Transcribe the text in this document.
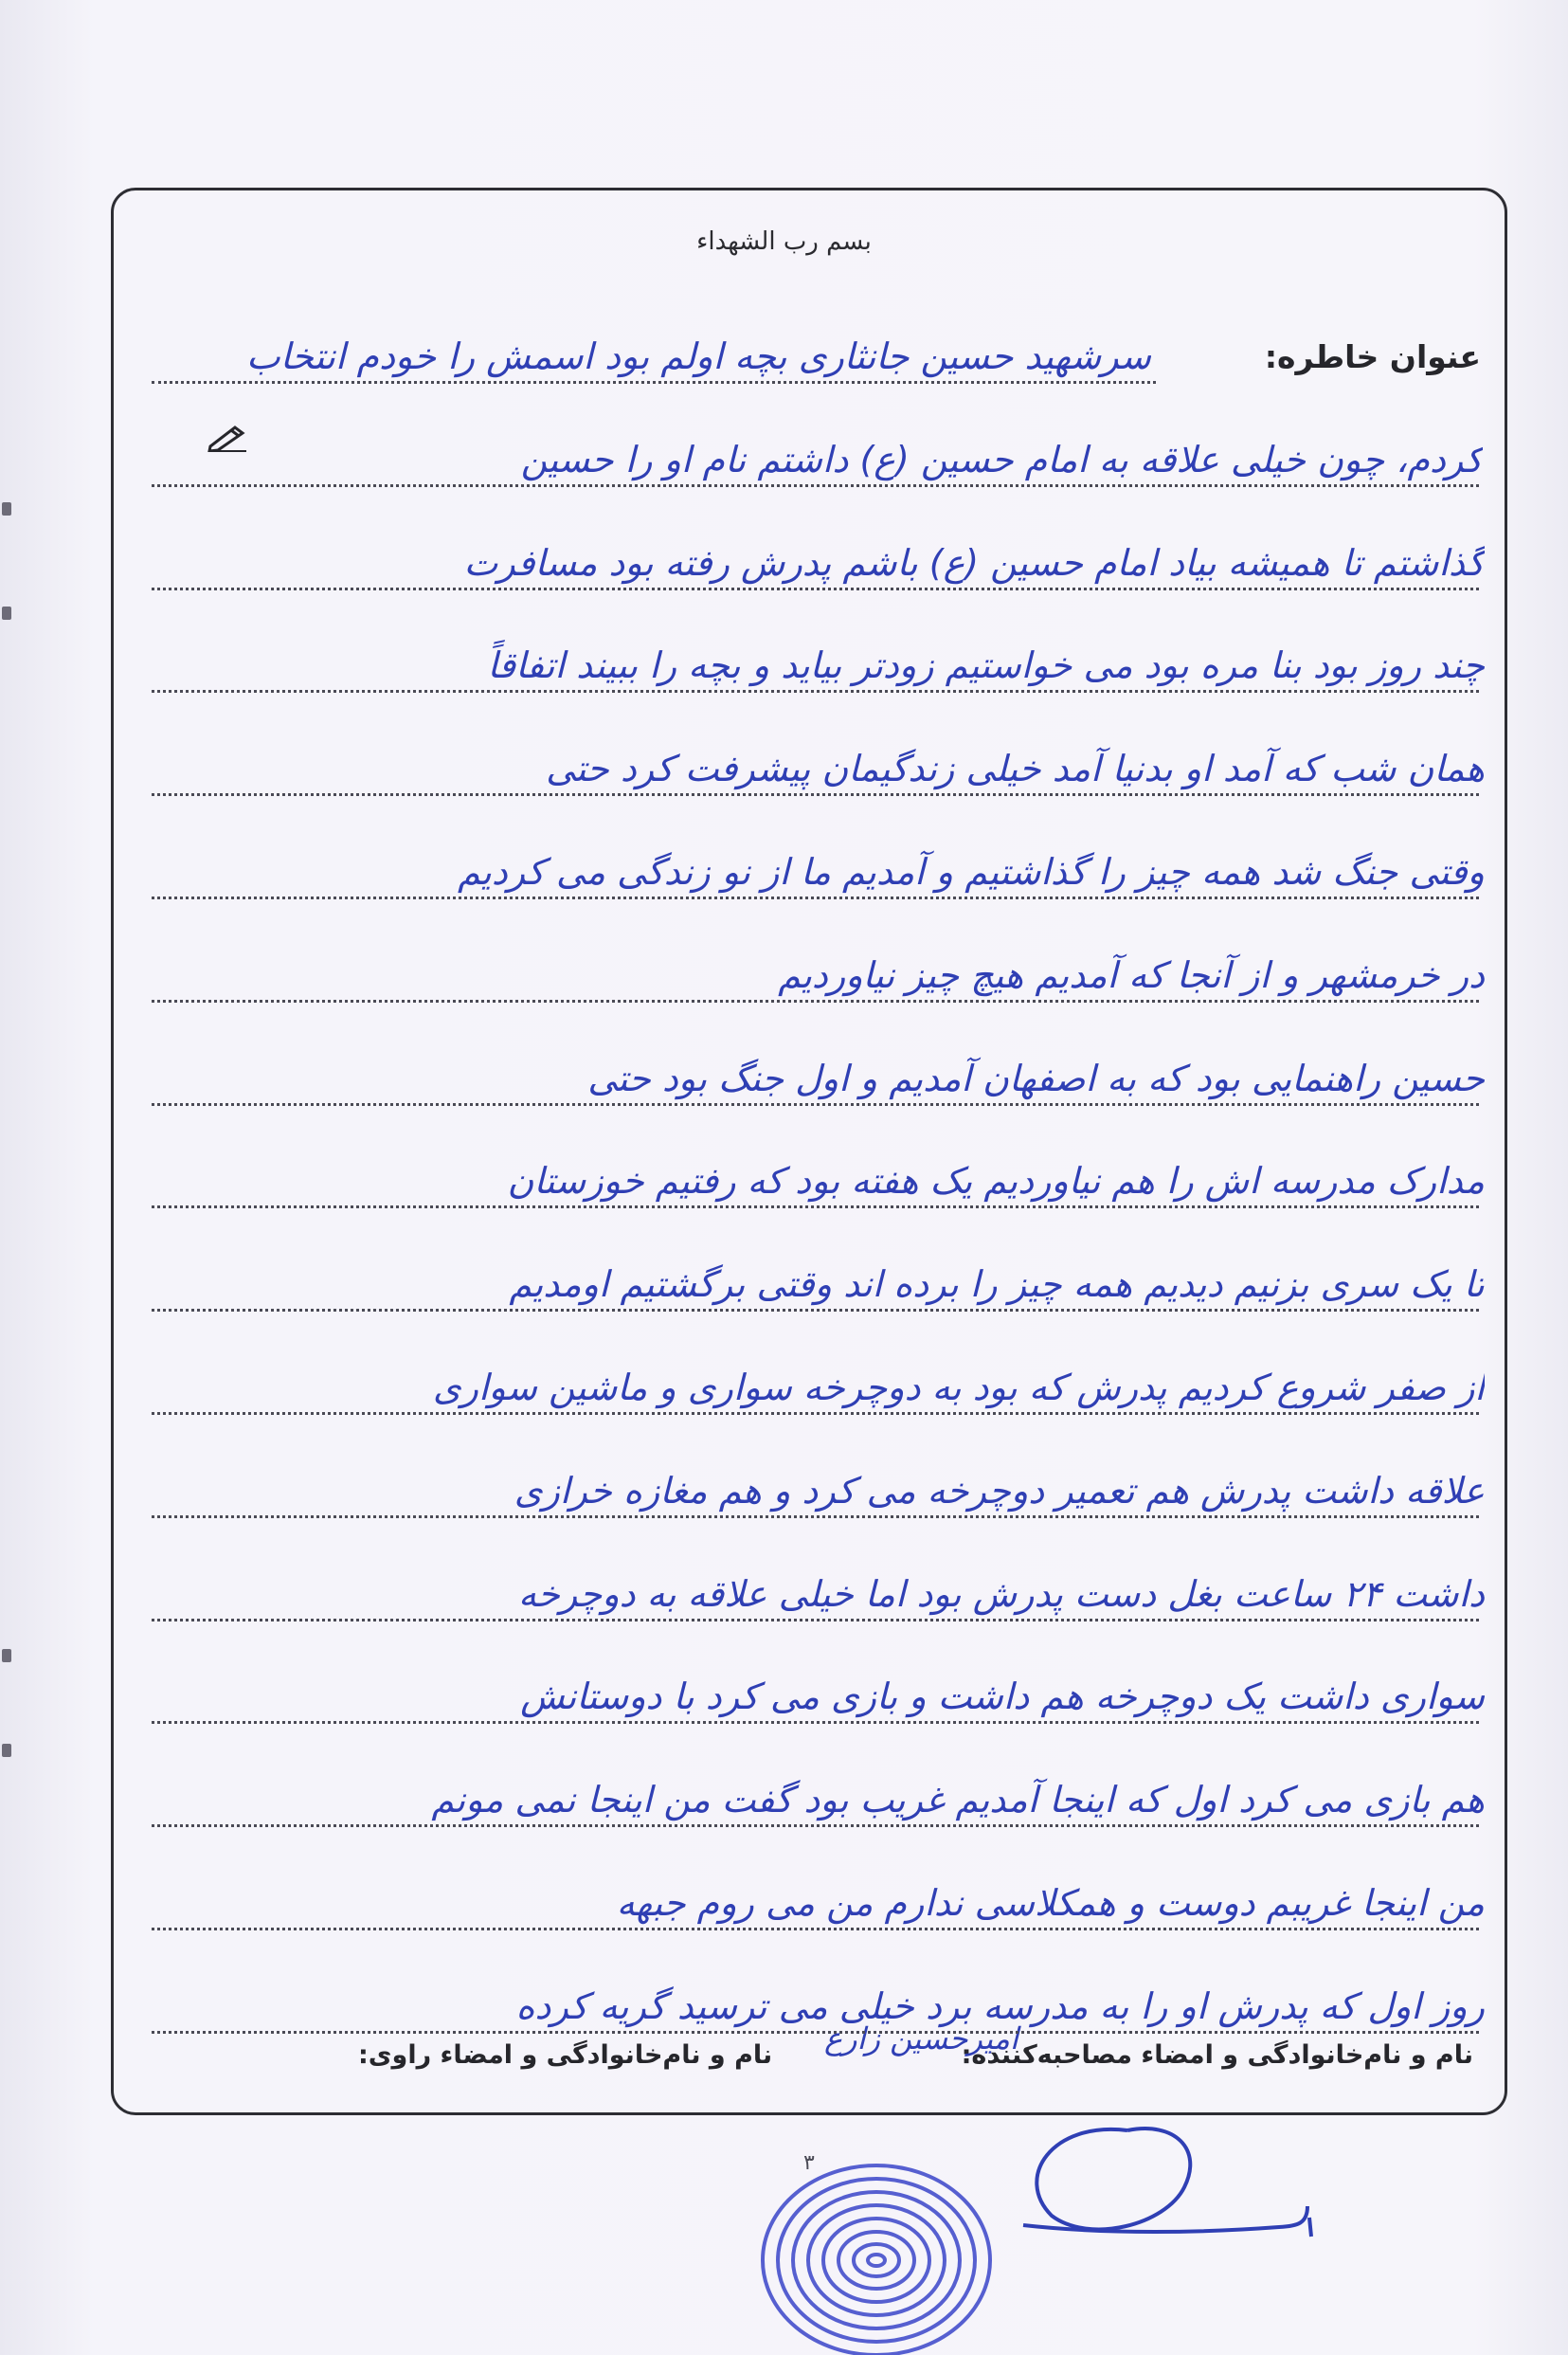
بسم رب الشهداء
عنوان خاطره:
سرشهید حسین جانثاری بچه اولم بود اسمش را خودم انتخاب
کردم، چون خیلی علاقه به امام حسین (ع) داشتم نام او را حسین
گذاشتم تا همیشه بیاد امام حسین (ع) باشم پدرش رفته بود مسافرت
چند روز بود بنا مره بود می خواستیم زودتر بیاید و بچه را ببیند اتفاقاً
همان شب که آمد او بدنیا آمد خیلی زندگیمان پیشرفت کرد حتی
وقتی جنگ شد همه چیز را گذاشتیم و آمدیم ما از نو زندگی می کردیم
در خرمشهر و از آنجا که آمدیم هیچ چیز نیاوردیم
حسین راهنمایی بود که به اصفهان آمدیم و اول جنگ بود حتی
مدارک مدرسه اش را هم نیاوردیم یک هفته بود که رفتیم خوزستان
تا یک سری بزنیم دیدیم همه چیز را برده اند وقتی برگشتیم اومدیم
از صفر شروع کردیم پدرش که بود به دوچرخه سواری و ماشین سواری
علاقه داشت پدرش هم تعمیر دوچرخه می کرد و هم مغازه خرازی
داشت ۲۴ ساعت بغل دست پدرش بود اما خیلی علاقه به دوچرخه
سواری داشت یک دوچرخه هم داشت و بازی می کرد با دوستانش
هم بازی می کرد اول که اینجا آمدیم غریب بود گفت من اینجا نمی مونم
من اینجا غریبم دوست و همکلاسی ندارم من می روم جبهه
روز اول که پدرش او را به مدرسه برد خیلی می ترسید گریه کرده
نام و نام‌خانوادگی و امضاء مصاحبه‌کننده:
امیرحسین زارع
نام و نام‌خانوادگی و امضاء راوی:
۳
